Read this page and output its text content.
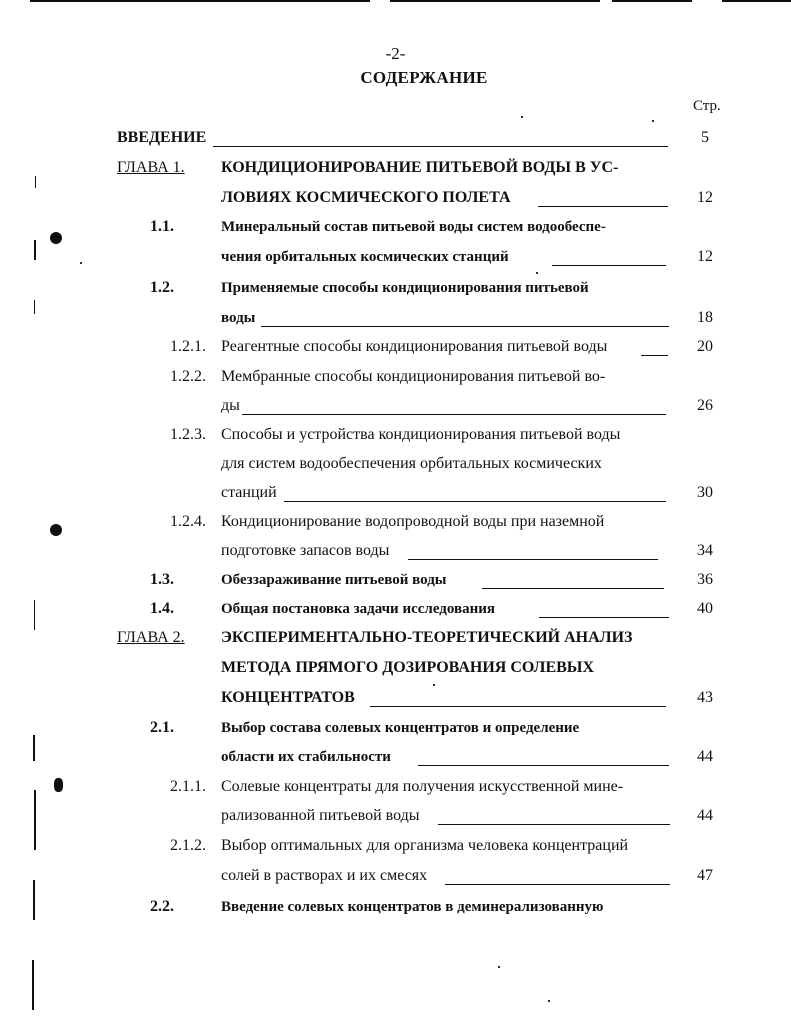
-2-
СОДЕРЖАНИЕ
Стр.
ВВЕДЕНИЕ	5
ГЛАВА 1. КОНДИЦИОНИРОВАНИЕ ПИТЬЕВОЙ ВОДЫ В УС-
ЛОВИЯХ КОСМИЧЕСКОГО ПОЛЕТА	12
1.1.	Минеральный состав питьевой воды систем водообеспе-
чения орбитальных космических станций	12
1.2.	Применяемые способы кондиционирования питьевой
воды	18
1.2.1. Реагентные способы кондиционирования питьевой воды	20
1.2.2. Мембранные способы кондиционирования питьевой во-
ды	26
1.2.3. Способы и устройства кондиционирования питьевой воды
для систем водообеспечения орбитальных космических
станций	30
1.2.4. Кондиционирование водопроводной воды при наземной
подготовке запасов воды	34
1.3.	Обеззараживание питьевой воды	36
1.4.	Общая постановка задачи исследования	40
ГЛАВА 2. ЭКСПЕРИМЕНТАЛЬНО-ТЕОРЕТИЧЕСКИЙ АНАЛИЗ
МЕТОДА ПРЯМОГО ДОЗИРОВАНИЯ СОЛЕВЫХ
КОНЦЕНТРАТОВ	43
2.1.	Выбор состава солевых концентратов и определение
области их стабильности	44
2.1.1. Солевые концентраты для получения искусственной мине-
рализованной питьевой воды	44
2.1.2. Выбор оптимальных для организма человека концентраций
солей в растворах и их смесях	47
2.2.	Введение солевых концентратов в деминерализованную
